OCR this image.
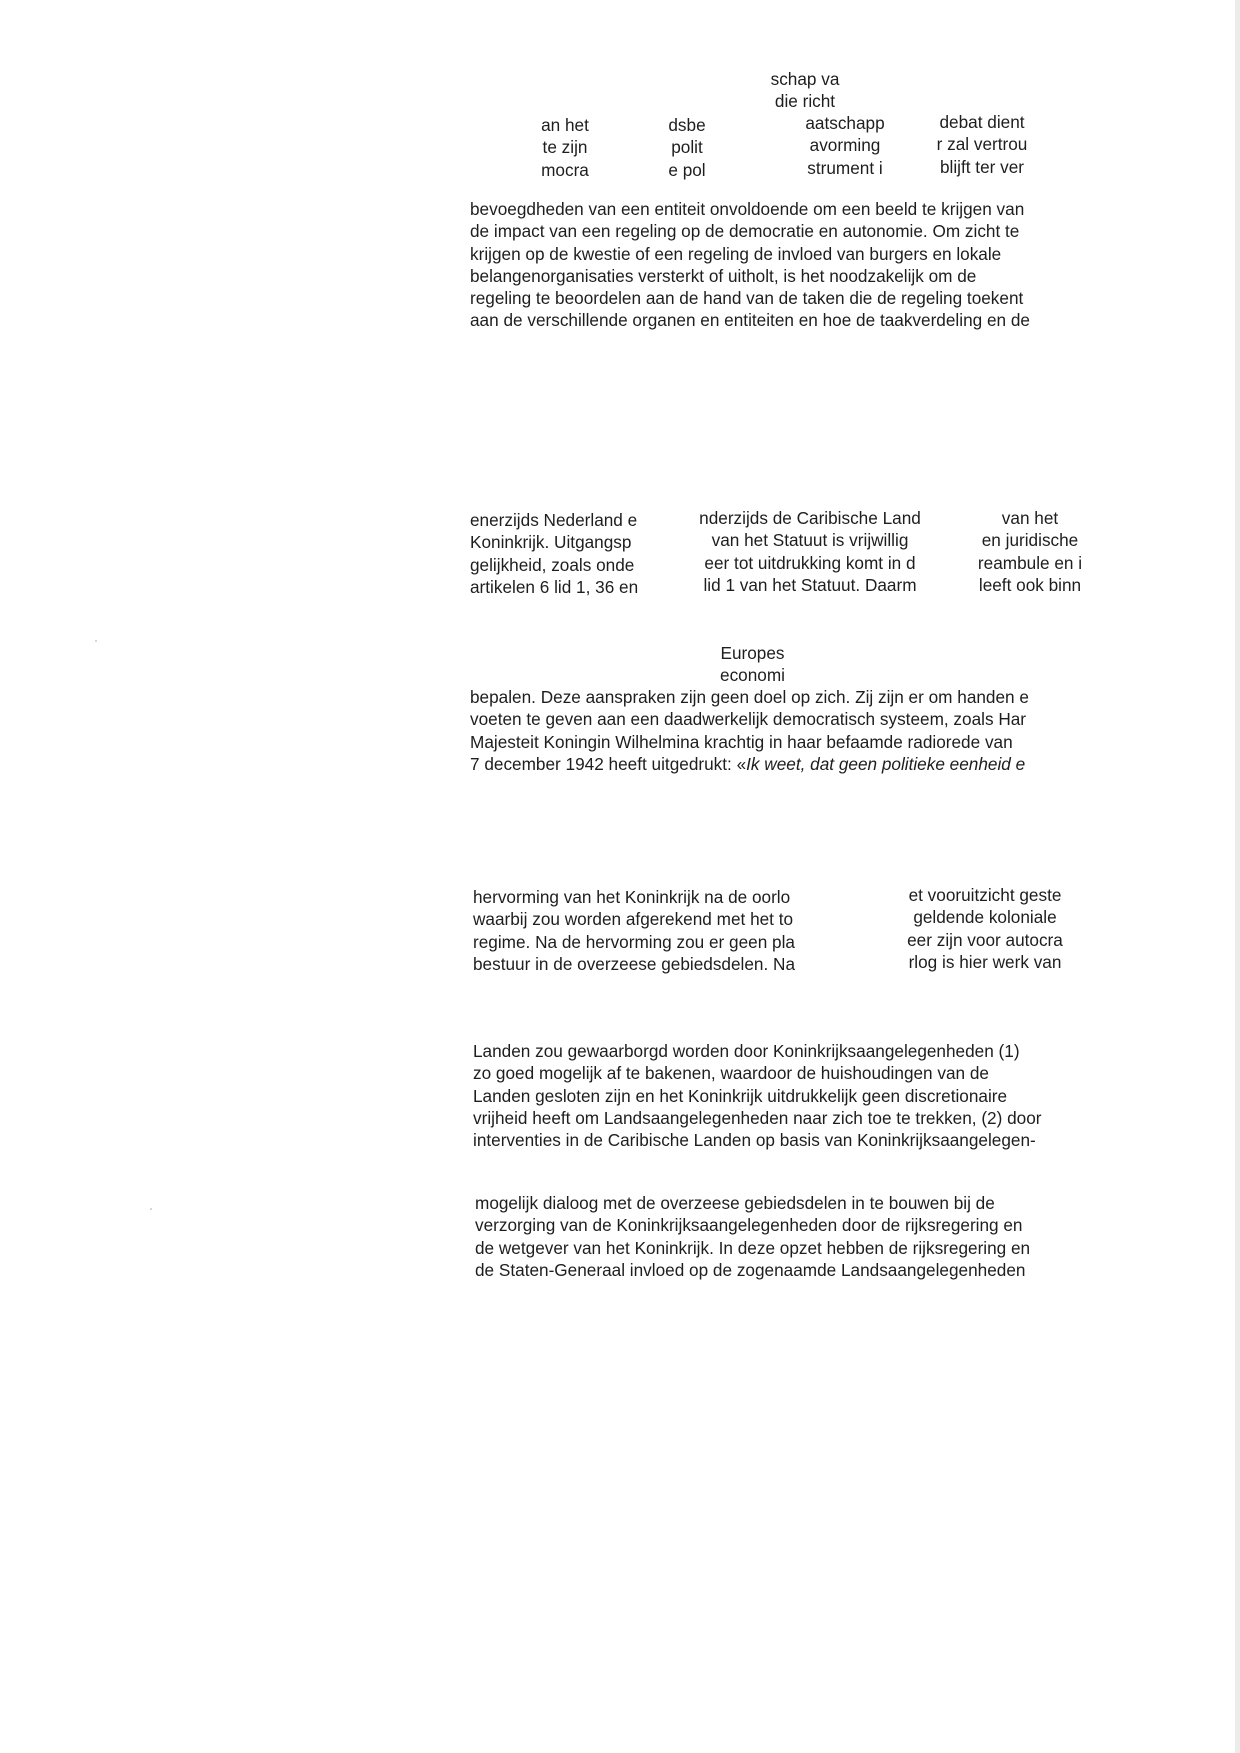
schap va
die richt
an het
te zijn
mocra
dsbe
polit
e pol
aatschapp
avorming
strument i
debat dient
r zal vertrou
blijft ter ver
bevoegdheden van een entiteit onvoldoende om een beeld te krijgen van
de impact van een regeling op de democratie en autonomie. Om zicht te
krijgen op de kwestie of een regeling de invloed van burgers en lokale
belangenorganisaties versterkt of uitholt, is het noodzakelijk om de
regeling te beoordelen aan de hand van de taken die de regeling toekent
aan de verschillende organen en entiteiten en hoe de taakverdeling en de
enerzijds Nederland e
Koninkrijk. Uitgangsp
gelijkheid, zoals onde
artikelen 6 lid 1, 36 en
nderzijds de Caribische Land
van het Statuut is vrijwillig
eer tot uitdrukking komt in d
lid 1 van het Statuut. Daarm
van het
en juridische
reambule en i
leeft ook binn
Europes
economi
bepalen. Deze aanspraken zijn geen doel op zich. Zij zijn er om handen e
voeten te geven aan een daadwerkelijk democratisch systeem, zoals Har
Majesteit Koningin Wilhelmina krachtig in haar befaamde radiorede van
7 december 1942 heeft uitgedrukt: «Ik weet, dat geen politieke eenheid e
hervorming van het Koninkrijk na de oorlo
waarbij zou worden afgerekend met het to
regime. Na de hervorming zou er geen pla
bestuur in de overzeese gebiedsdelen. Na
et vooruitzicht geste
geldende koloniale
eer zijn voor autocra
rlog is hier werk van
Landen zou gewaarborgd worden door Koninkrijksaangelegenheden (1)
zo goed mogelijk af te bakenen, waardoor de huishoudingen van de
Landen gesloten zijn en het Koninkrijk uitdrukkelijk geen discretionaire
vrijheid heeft om Landsaangelegenheden naar zich toe te trekken, (2) door
interventies in de Caribische Landen op basis van Koninkrijksaangelegen-
mogelijk dialoog met de overzeese gebiedsdelen in te bouwen bij de
verzorging van de Koninkrijksaangelegenheden door de rijksregering en
de wetgever van het Koninkrijk. In deze opzet hebben de rijksregering en
de Staten-Generaal invloed op de zogenaamde Landsaangelegenheden
